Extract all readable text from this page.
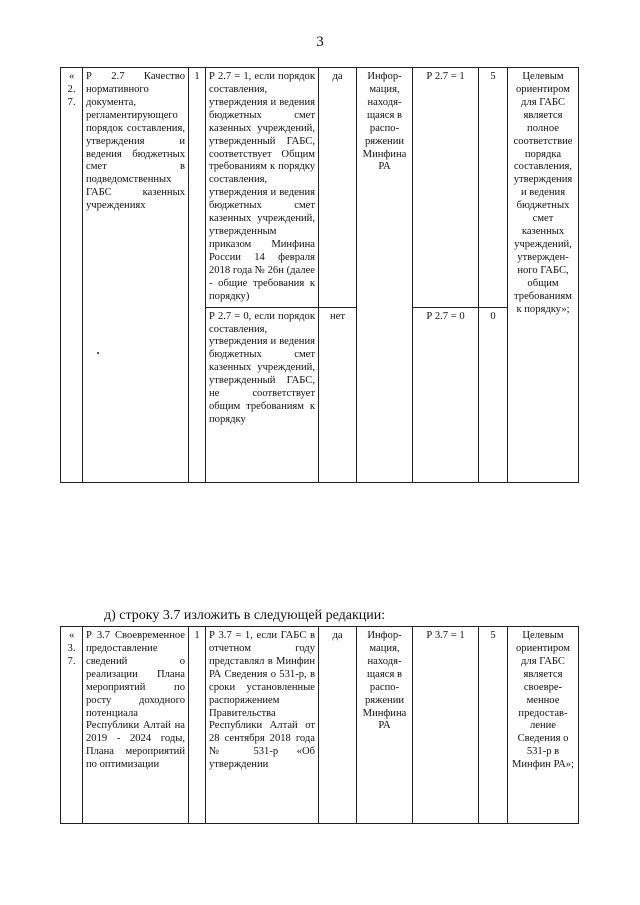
3
« 2. 7.	Р 2.7 Качество нормативного документа, регламентирующего порядок составления, утверждения и ведения бюджетных смет в подведомственных ГАБС казенных учреждениях	1	Р 2.7 = 1, если порядок составления, утверждения и ведения бюджетных смет казенных учреждений, утвержденный ГАБС, соответствует Общим требованиям к порядку составления, утверждения и ведения бюджетных смет казенных учреждений, утвержденным приказом Минфина России 14 февраля 2018 года № 26н (далее - общие требования к порядку)	да	Информация, находящаяся в распоряжении Минфина РА	Р 2.7 = 1	5	Целевым ориентиром для ГАБС является полное соответствие порядка составления, утверждения и ведения бюджетных смет казенных учреждений, утвержденного ГАБС, общим требованиям к порядку»;
			Р 2.7 = 0, если порядок составления, утверждения и ведения бюджетных смет казенных учреждений, утвержденный ГАБС, не соответствует общим требованиям к порядку	нет		Р 2.7 = 0	0	
д) строку 3.7 изложить в следующей редакции:
« 3. 7.	Р 3.7 Своевременное предоставление сведений о реализации Плана мероприятий по росту доходного потенциала Республики Алтай на 2019 - 2024 годы, Плана мероприятий по оптимизации	1	Р 3.7 = 1, если ГАБС в отчетном году представлял в Минфин РА Сведения о 531-р, в сроки установленные распоряжением Правительства Республики Алтай от 28 сентября 2018 года № 531-р «Об утверждении	да	Информация, находящаяся в распоряжении Минфина РА	Р 3.7 = 1	5	Целевым ориентиром для ГАБС является своевременное предоставление Сведения о 531-р в Минфин РА»;
